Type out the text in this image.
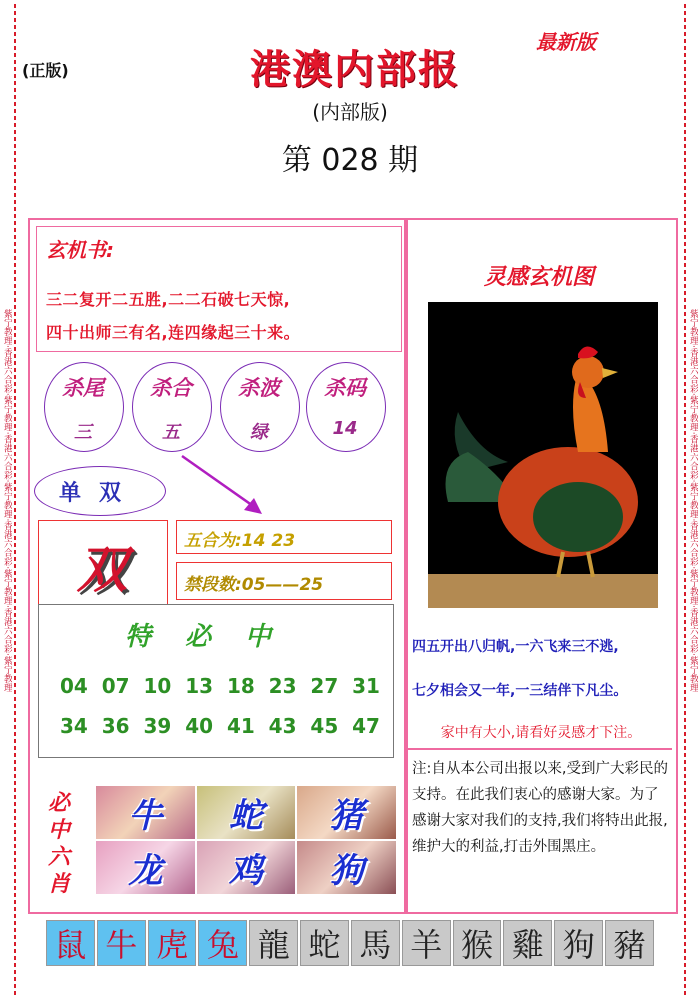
紫宁教理·香港六合彩·紫宁教理·香港六合彩·紫宁教理·香港六合彩·紫宁教理·香港六合彩·紫宁教理	紫宁教理·香港六合彩·紫宁教理·香港六合彩·紫宁教理·香港六合彩·紫宁教理·香港六合彩·紫宁教理
(正版)
最新版
港澳内部报
(内部版)
第 028 期
玄机书:
三二复开二五胜,二二石破七天惊,
四十出师三有名,连四缘起三十来。
杀尾
三
杀合
五
杀波
绿
杀码
14
单双
双	五合为:14 23
禁段数:05——25
特必中
04 07 10 13 18 23 27 31
34 36 39 40 41 43 45 47
必
中
六
肖
牛	蛇	猪
龙	鸡	狗
灵感玄机图
四五开出八归帆,一六飞来三不逃,
七夕相会又一年,一三结伴下凡尘。
家中有大小,请看好灵感才下注。
注:自从本公司出报以来,受到广大彩民的支持。在此我们衷心的感谢大家。为了感谢大家对我们的支持,我们将特出此报,维护大的利益,打击外围黑庄。
鼠 牛 虎 兔 龍 蛇 馬 羊 猴 雞 狗 豬
